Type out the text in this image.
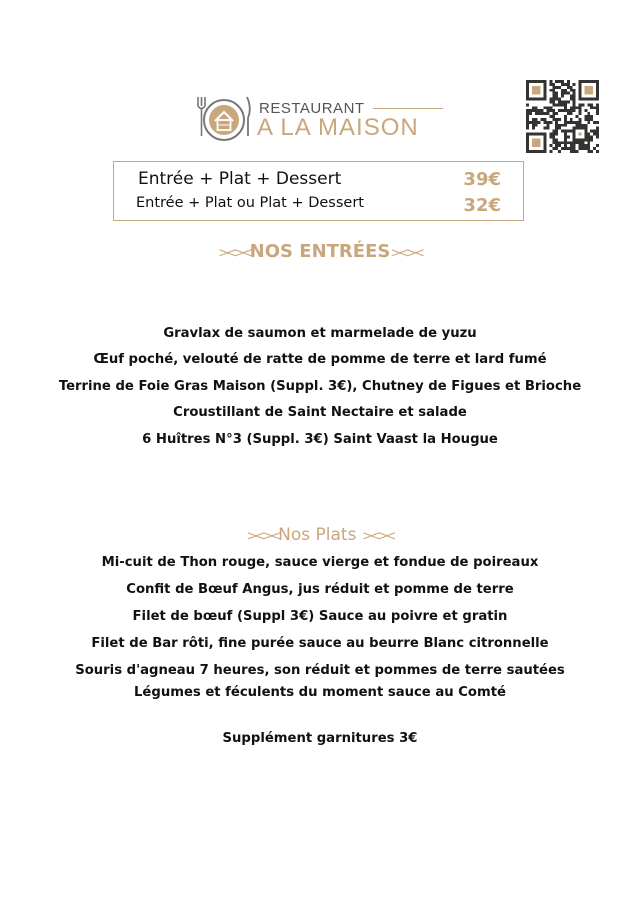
RESTAURANT
A LA MAISON
Entrée + Plat + Dessert	39€
Entrée + Plat ou Plat + Dessert	32€
><><NOS ENTRÉES><><
Gravlax de saumon et marmelade de yuzu
Œuf poché, velouté de ratte de pomme de terre et lard fumé
Terrine de Foie Gras Maison (Suppl. 3€), Chutney de Figues et Brioche
Croustillant de Saint Nectaire et salade
6 Huîtres N°3 (Suppl. 3€) Saint Vaast la Hougue
><><Nos Plats ><><
Mi-cuit de Thon rouge, sauce vierge et fondue de poireaux
Confit de Bœuf Angus, jus réduit et pomme de terre
Filet de bœuf (Suppl 3€) Sauce au poivre et gratin
Filet de Bar rôti, fine purée sauce au beurre Blanc citronnelle
Souris d'agneau 7 heures, son réduit et pommes de terre sautées
Légumes et féculents du moment sauce au Comté
Supplément garnitures 3€
